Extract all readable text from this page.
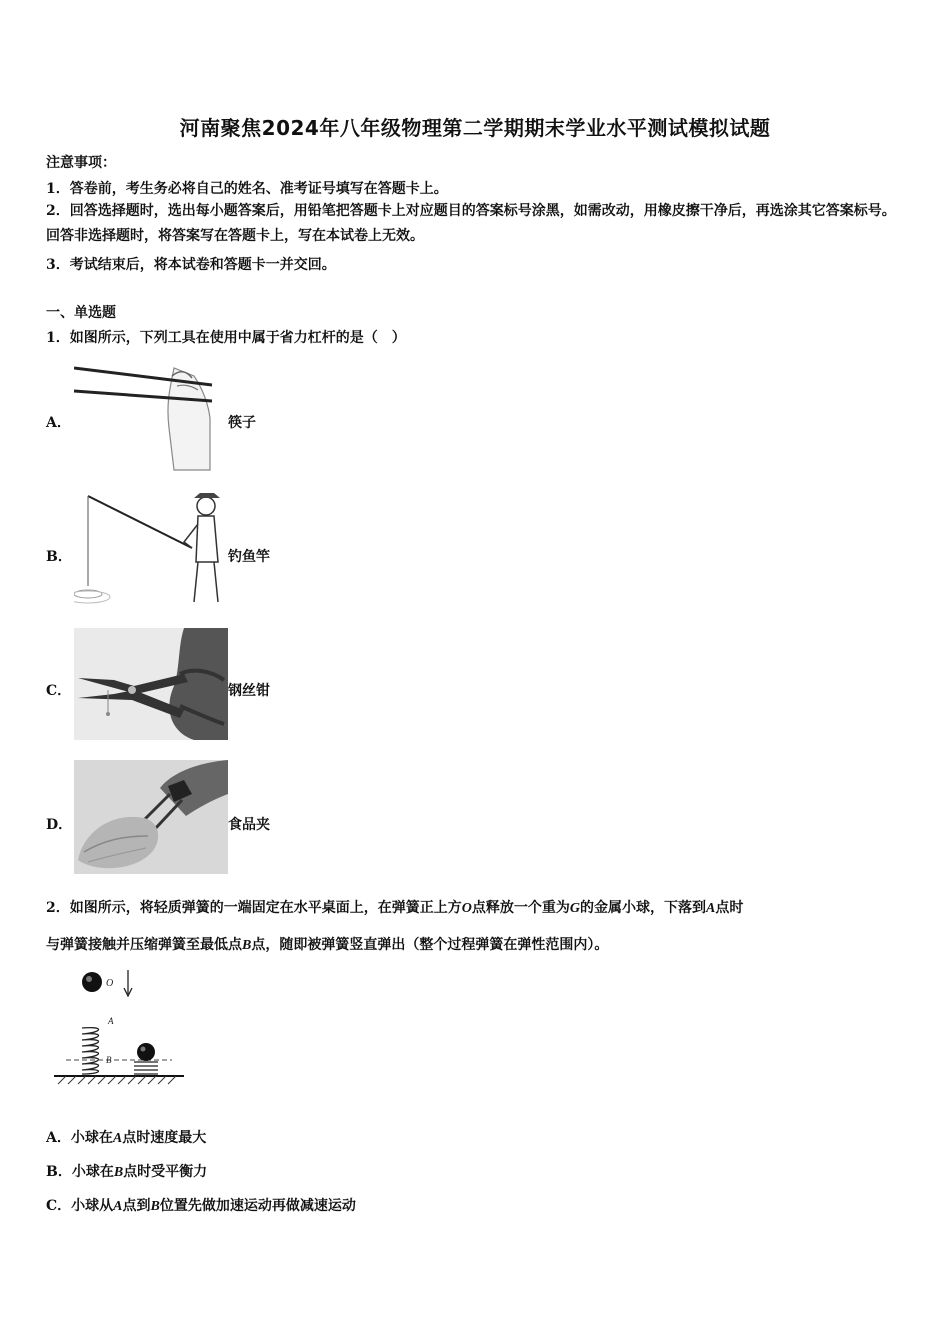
河南聚焦2024年八年级物理第二学期期末学业水平测试模拟试题
注意事项：
1．答卷前，考生务必将自己的姓名、准考证号填写在答题卡上。
2．回答选择题时，选出每小题答案后，用铅笔把答题卡上对应题目的答案标号涂黑，如需改动，用橡皮擦干净后，再选涂其它答案标号。回答非选择题时，将答案写在答题卡上，写在本试卷上无效。
3．考试结束后，将本试卷和答题卡一并交回。
一、单选题
1．如图所示，下列工具在使用中属于省力杠杆的是（　）
A．	筷子
B．	钓鱼竿
C．	钢丝钳
D．	食品夹
2．如图所示，将轻质弹簧的一端固定在水平桌面上，在弹簧正上方O点释放一个重为G的金属小球，下落到A点时
与弹簧接触并压缩弹簧至最低点B点，随即被弹簧竖直弹出（整个过程弹簧在弹性范围内）。
O
A
B
A．小球在A点时速度最大
B．小球在B点时受平衡力
C．小球从A点到B位置先做加速运动再做减速运动
